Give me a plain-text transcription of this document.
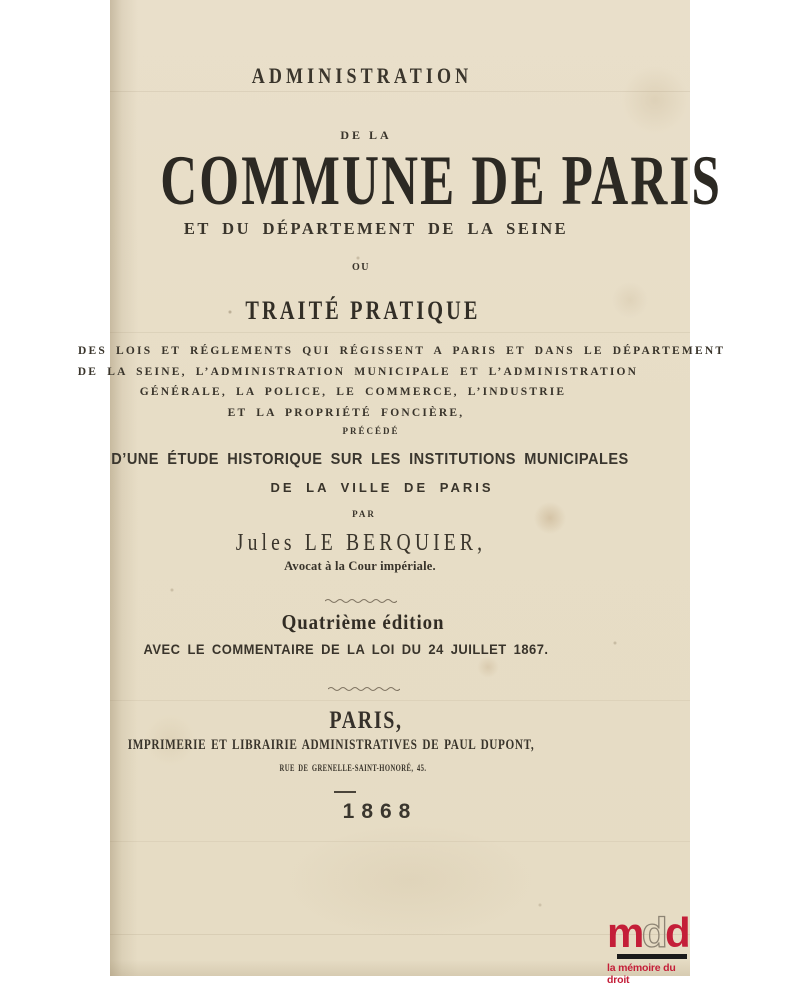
ADMINISTRATION
DE LA
COMMUNE DE PARIS
ET DU DÉPARTEMENT DE LA SEINE
OU
TRAITÉ PRATIQUE
DES LOIS ET RÉGLEMENTS QUI RÉGISSENT A PARIS ET DANS LE DÉPARTEMENT
DE LA SEINE, L’ADMINISTRATION MUNICIPALE ET L’ADMINISTRATION
GÉNÉRALE, LA POLICE, LE COMMERCE, L’INDUSTRIE
ET LA PROPRIÉTÉ FONCIÈRE,
PRÉCÉDÉ
D’UNE ÉTUDE HISTORIQUE SUR LES INSTITUTIONS MUNICIPALES
DE LA VILLE DE PARIS
PAR
Jules LE BERQUIER,
Avocat à la Cour impériale.
Quatrième édition
AVEC LE COMMENTAIRE DE LA LOI DU 24 JUILLET 1867.
PARIS,
IMPRIMERIE ET LIBRAIRIE ADMINISTRATIVES DE PAUL DUPONT,
RUE DE GRENELLE-SAINT-HONORÉ, 45.
1868
mdd
la mémoire du droit
